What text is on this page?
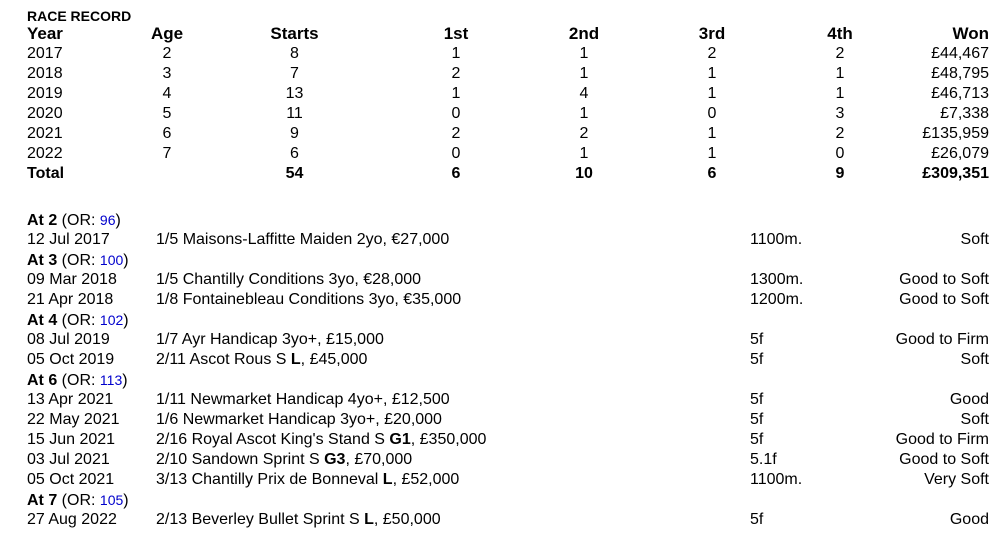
RACE RECORD
Year	Age	Starts	1st	2nd	3rd	4th	Won
2017	2	8	1	1	2	2	£44,467
2018	3	7	2	1	1	1	£48,795
2019	4	13	1	4	1	1	£46,713
2020	5	11	0	1	0	3	£7,338
2021	6	9	2	2	1	2	£135,959
2022	7	6	0	1	1	0	£26,079
Total		54	6	10	6	9	£309,351
At 2 (OR: 96)
12 Jul 2017	1/5 Maisons-Laffitte Maiden 2yo, €27,000	1100m.	Soft
At 3 (OR: 100)
09 Mar 2018 1/5 Chantilly Conditions 3yo, €28,000	1300m.	Good to Soft
21 Apr 2018	1/8 Fontainebleau Conditions 3yo, €35,000	1200m.	Good to Soft
At 4 (OR: 102)
08 Jul 2019	1/7 Ayr Handicap 3yo+, £15,000	5f	Good to Firm
05 Oct 2019	2/11 Ascot Rous S L, £45,000	5f	Soft
At 6 (OR: 113)
13 Apr 2021	1/11 Newmarket Handicap 4yo+, £12,500	5f	Good
22 May 2021 1/6 Newmarket Handicap 3yo+, £20,000	5f	Soft
15 Jun 2021	2/16 Royal Ascot King's Stand S G1, £350,000	5f	Good to Firm
03 Jul 2021	2/10 Sandown Sprint S G3, £70,000	5.1f	Good to Soft
05 Oct 2021	3/13 Chantilly Prix de Bonneval L, £52,000	1100m.	Very Soft
At 7 (OR: 105)
27 Aug 2022 2/13 Beverley Bullet Sprint S L, £50,000	5f	Good
